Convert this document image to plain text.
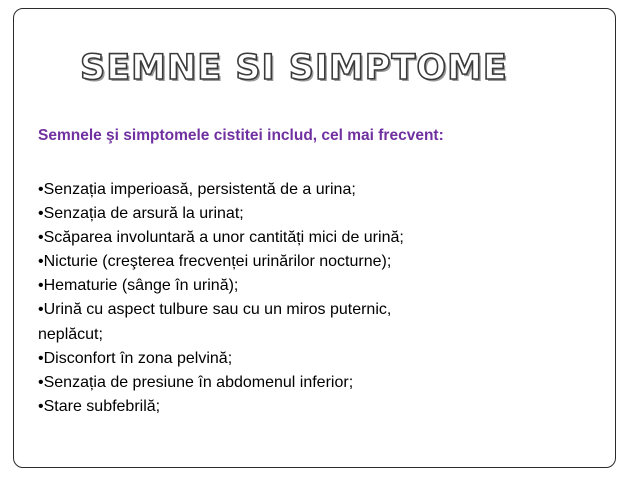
SEMNE SI SIMPTOME
Semnele şi simptomele cistitei includ, cel mai frecvent:
•Senzația imperioasă, persistentă de a urina;
•Senzația de arsură la urinat;
•Scăparea involuntară a unor cantități mici de urină;
•Nicturie (creşterea frecvenței urinărilor nocturne);
•Hematurie (sânge în urină);
•Urină cu aspect tulbure sau cu un miros puternic,
neplăcut;
•Disconfort în zona pelvină;
•Senzația de presiune în abdomenul inferior;
•Stare subfebrilă;
